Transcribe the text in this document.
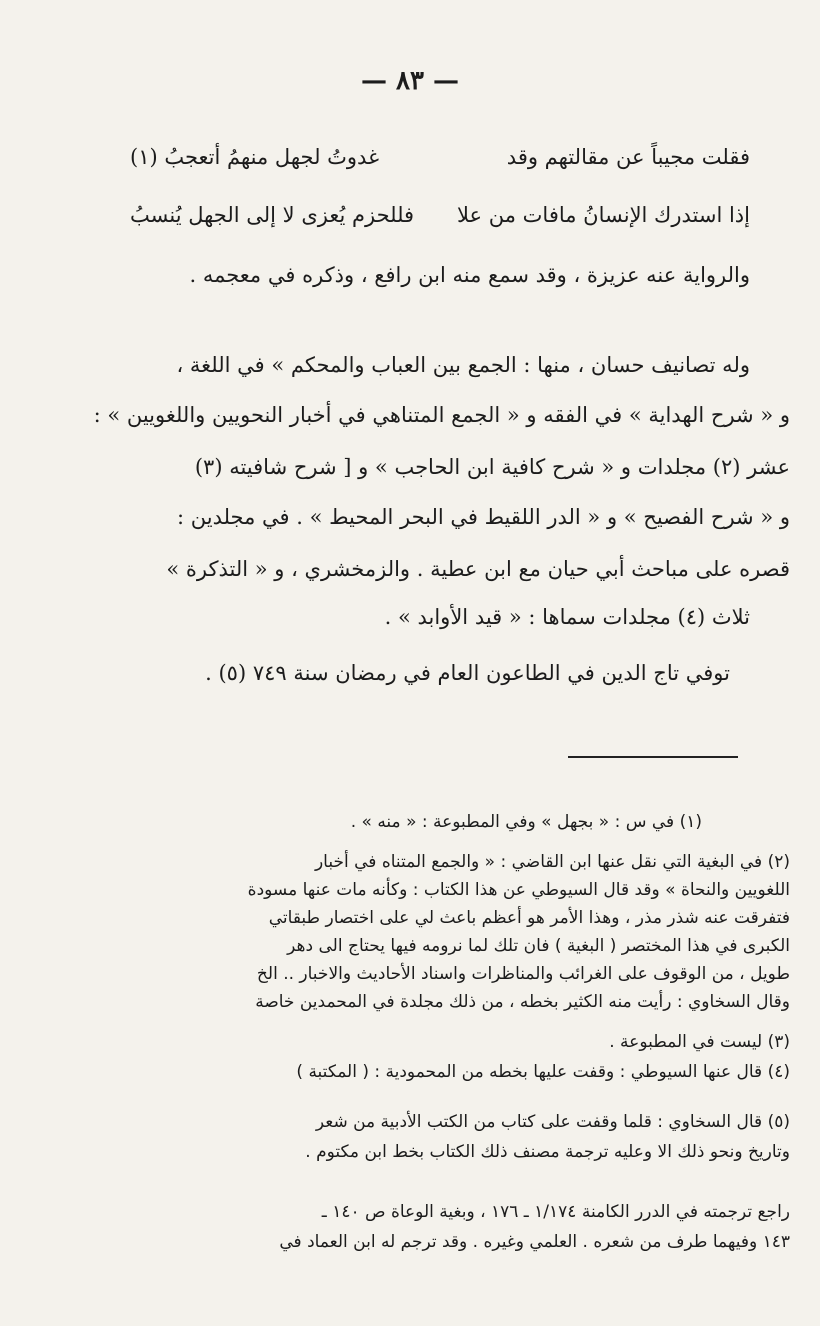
— ٨٣ —
فقلت مجيباً عن مقالتهم وقد
غدوتُ لجهل منهمُ أتعجبُ (١)
إذا استدرك الإنسانُ مافات من علا
فللحزم يُعزى لا إلى الجهل يُنسبُ
والرواية عنه عزيزة ، وقد سمع منه ابن رافع ، وذكره في معجمه .
وله تصانيف حسان ، منها : الجمع بين العباب والمحكم » في اللغة ،
و « شرح الهداية » في الفقه و « الجمع المتناهي في أخبار النحويين واللغويين » :
عشر (٢) مجلدات و « شرح كافية ابن الحاجب » و [ شرح شافيته (٣)
و « شرح الفصيح » و « الدر اللقيط في البحر المحيط » . في مجلدين :
قصره على مباحث أبي حيان مع ابن عطية . والزمخشري ، و « التذكرة »
ثلاث (٤) مجلدات سماها : « قيد الأوابد » .
توفي تاج الدين في الطاعون العام في رمضان سنة ٧٤٩ (٥) .
(١) في س : « بجهل » وفي المطبوعة : « منه » .
(٢) في البغية التي نقل عنها ابن القاضي : « والجمع المتناه في أخبار
اللغويين والنحاة » وقد قال السيوطي عن هذا الكتاب : وكأنه مات عنها مسودة
فتفرقت عنه شذر مذر ، وهذا الأمر هو أعظم باعث لي على اختصار طبقاتي
الكبرى في هذا المختصر ( البغية ) فان تلك لما نرومه فيها يحتاج الى دهر
طويل ، من الوقوف على الغرائب والمناظرات واسناد الأحاديث والاخبار .. الخ
وقال السخاوي : رأيت منه الكثير بخطه ، من ذلك مجلدة في المحمدين خاصة
(٣) ليست في المطبوعة .
(٤) قال عنها السيوطي : وقفت عليها بخطه من المحمودية : ( المكتبة )
(٥) قال السخاوي : قلما وقفت على كتاب من الكتب الأدبية من شعر
وتاريخ ونحو ذلك الا وعليه ترجمة مصنف ذلك الكتاب بخط ابن مكتوم .
راجع ترجمته في الدرر الكامنة ١/١٧٤ ـ ١٧٦ ، وبغية الوعاة ص ١٤٠ ـ
١٤٣ وفيهما طرف من شعره . العلمي وغيره . وقد ترجم له ابن العماد في
